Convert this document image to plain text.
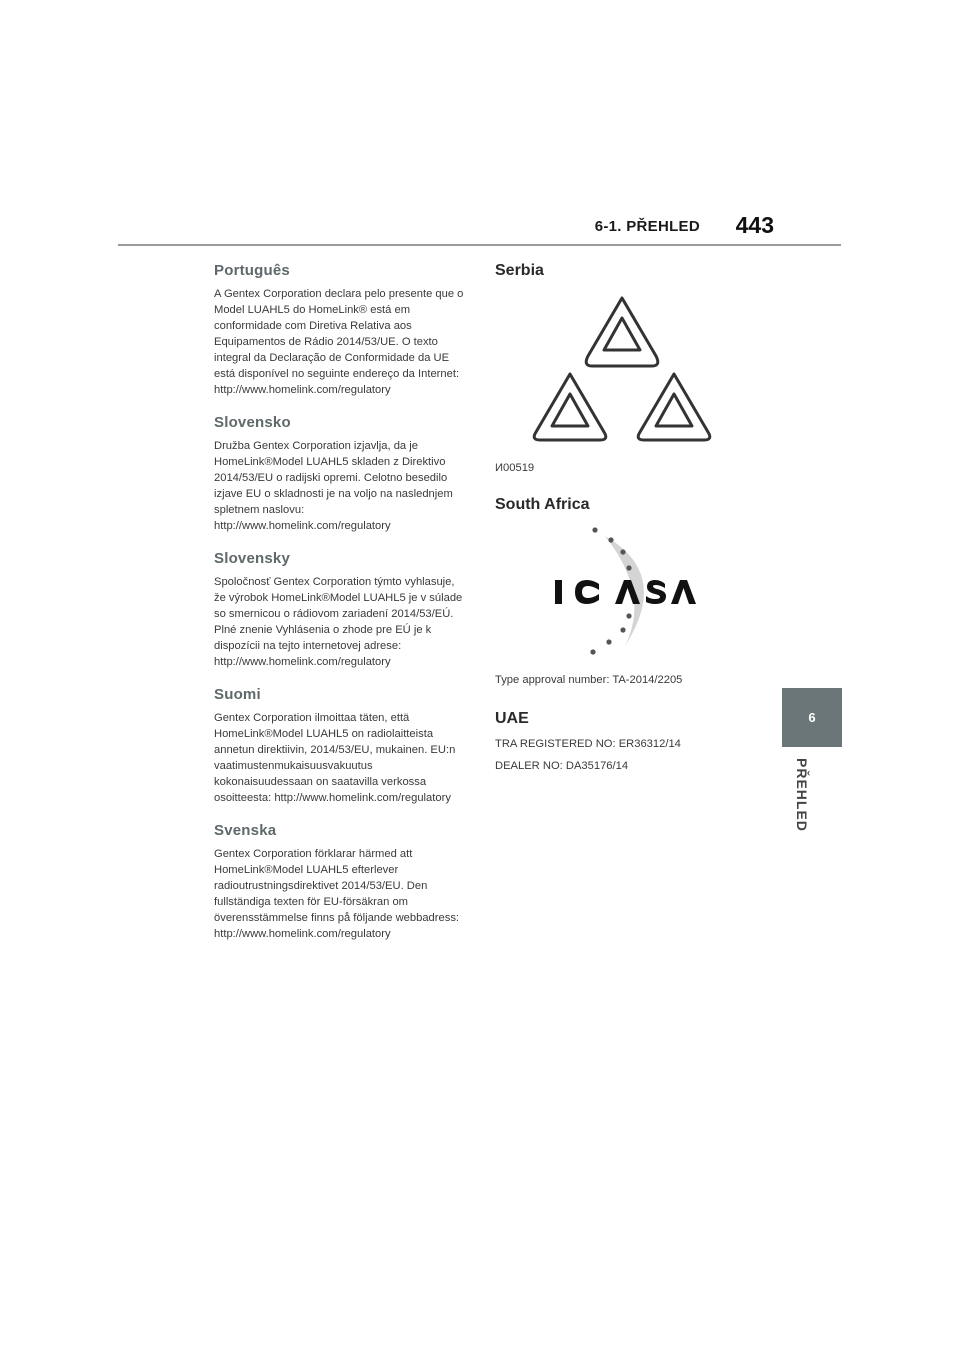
6-1. PŘEHLED 443
6
PŘEHLED
Português

A Gentex Corporation declara pelo presente que o Model LUAHL5 do HomeLink® está em conformidade com Diretiva Relativa aos Equipamentos de Rádio 2014/53/UE. O texto integral da Declaração de Conformidade da UE está disponível no seguinte endereço da Internet: http://www.homelink.com/regulatory

Slovensko

Družba Gentex Corporation izjavlja, da je HomeLink®Model LUAHL5 skladen z Direktivo 2014/53/EU o radijski opremi. Celotno besedilo izjave EU o skladnosti je na voljo na naslednjem spletnem naslovu: http://www.homelink.com/regulatory

Slovensky

Spoločnosť Gentex Corporation týmto vyhlasuje, že výrobok HomeLink®Model LUAHL5 je v súlade so smernicou o rádiovom zariadení 2014/53/EÚ. Plné znenie Vyhlásenia o zhode pre EÚ je k dispozícii na tejto internetovej adrese: http://www.homelink.com/regulatory

Suomi

Gentex Corporation ilmoittaa täten, että HomeLink®Model LUAHL5 on radiolaitteista annetun direktiivin, 2014/53/EU, mukainen. EU:n vaatimustenmukaisuusvakuutus kokonaisuudessaan on saatavilla verkossa osoitteesta: http://www.homelink.com/regulatory

Svenska

Gentex Corporation förklarar härmed att HomeLink®Model LUAHL5 efterlever radioutrustningsdirektivet 2014/53/EU. Den fullständiga texten för EU-försäkran om överensstämmelse finns på följande webbadress: http://www.homelink.com/regulatory

Serbia

И00519

South Africa

Type approval number: TA-2014/2205

UAE

TRA REGISTERED NO: ER36312/14

DEALER NO: DA35176/14
